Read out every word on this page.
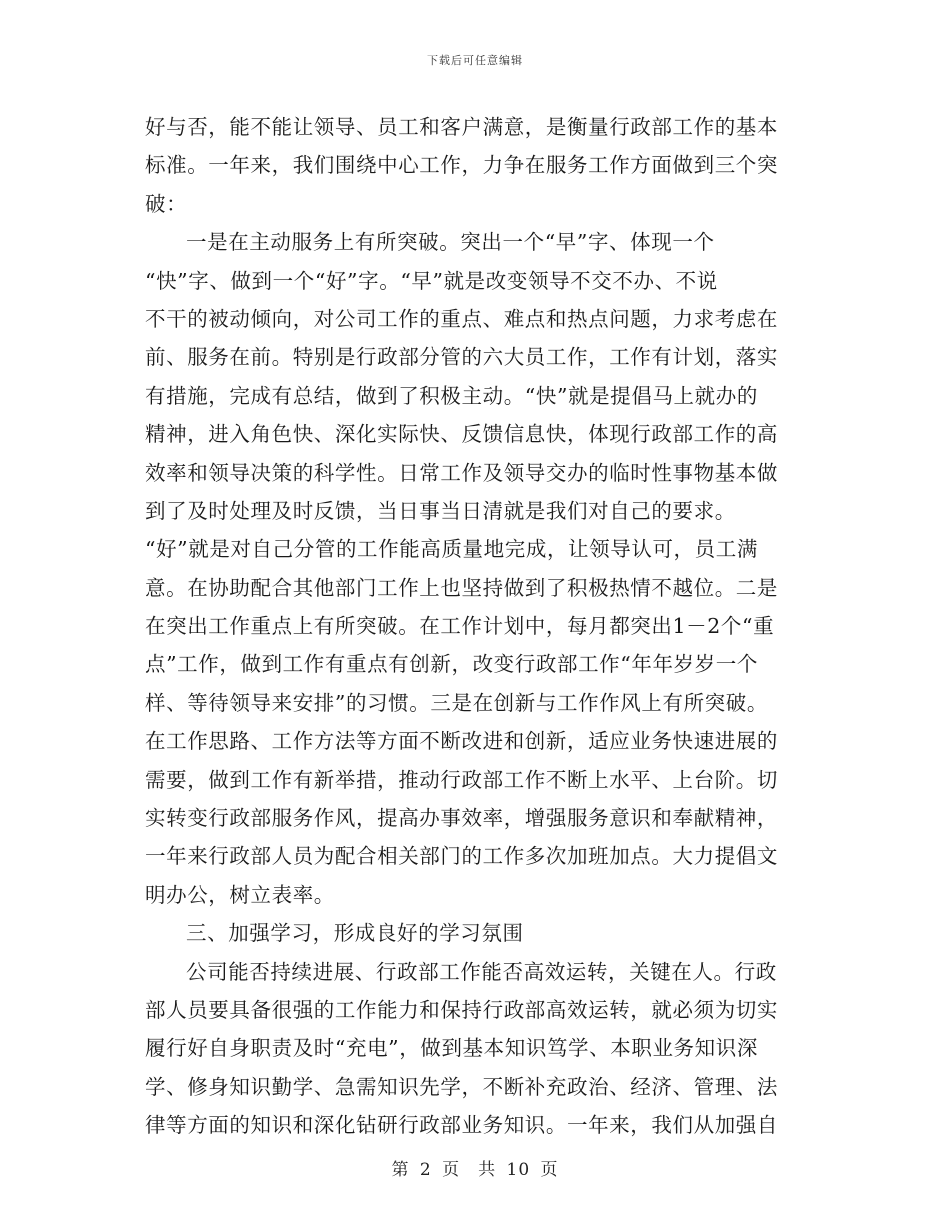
下载后可任意编辑
好与否，能不能让领导、员工和客户满意，是衡量行政部工作的基本
标准。一年来，我们围绕中心工作，力争在服务工作方面做到三个突
破：
一是在主动服务上有所突破。突出一个“早”字、体现一个
“快”字、做到一个“好”字。“早”就是改变领导不交不办、不说
不干的被动倾向，对公司工作的重点、难点和热点问题，力求考虑在
前、服务在前。特别是行政部分管的六大员工作，工作有计划，落实
有措施，完成有总结，做到了积极主动。“快”就是提倡马上就办的
精神，进入角色快、深化实际快、反馈信息快，体现行政部工作的高
效率和领导决策的科学性。日常工作及领导交办的临时性事物基本做
到了及时处理及时反馈，当日事当日清就是我们对自己的要求。
“好”就是对自己分管的工作能高质量地完成，让领导认可，员工满
意。在协助配合其他部门工作上也坚持做到了积极热情不越位。二是
在突出工作重点上有所突破。在工作计划中，每月都突出1－2个“重
点”工作，做到工作有重点有创新，改变行政部工作“年年岁岁一个
样、等待领导来安排”的习惯。三是在创新与工作作风上有所突破。
在工作思路、工作方法等方面不断改进和创新，适应业务快速进展的
需要，做到工作有新举措，推动行政部工作不断上水平、上台阶。切
实转变行政部服务作风，提高办事效率，增强服务意识和奉献精神，
一年来行政部人员为配合相关部门的工作多次加班加点。大力提倡文
明办公，树立表率。
三、加强学习，形成良好的学习氛围
公司能否持续进展、行政部工作能否高效运转，关键在人。行政
部人员要具备很强的工作能力和保持行政部高效运转，就必须为切实
履行好自身职责及时“充电”，做到基本知识笃学、本职业务知识深
学、修身知识勤学、急需知识先学，不断补充政治、经济、管理、法
律等方面的知识和深化钻研行政部业务知识。一年来，我们从加强自
第 2 页　共 10 页
